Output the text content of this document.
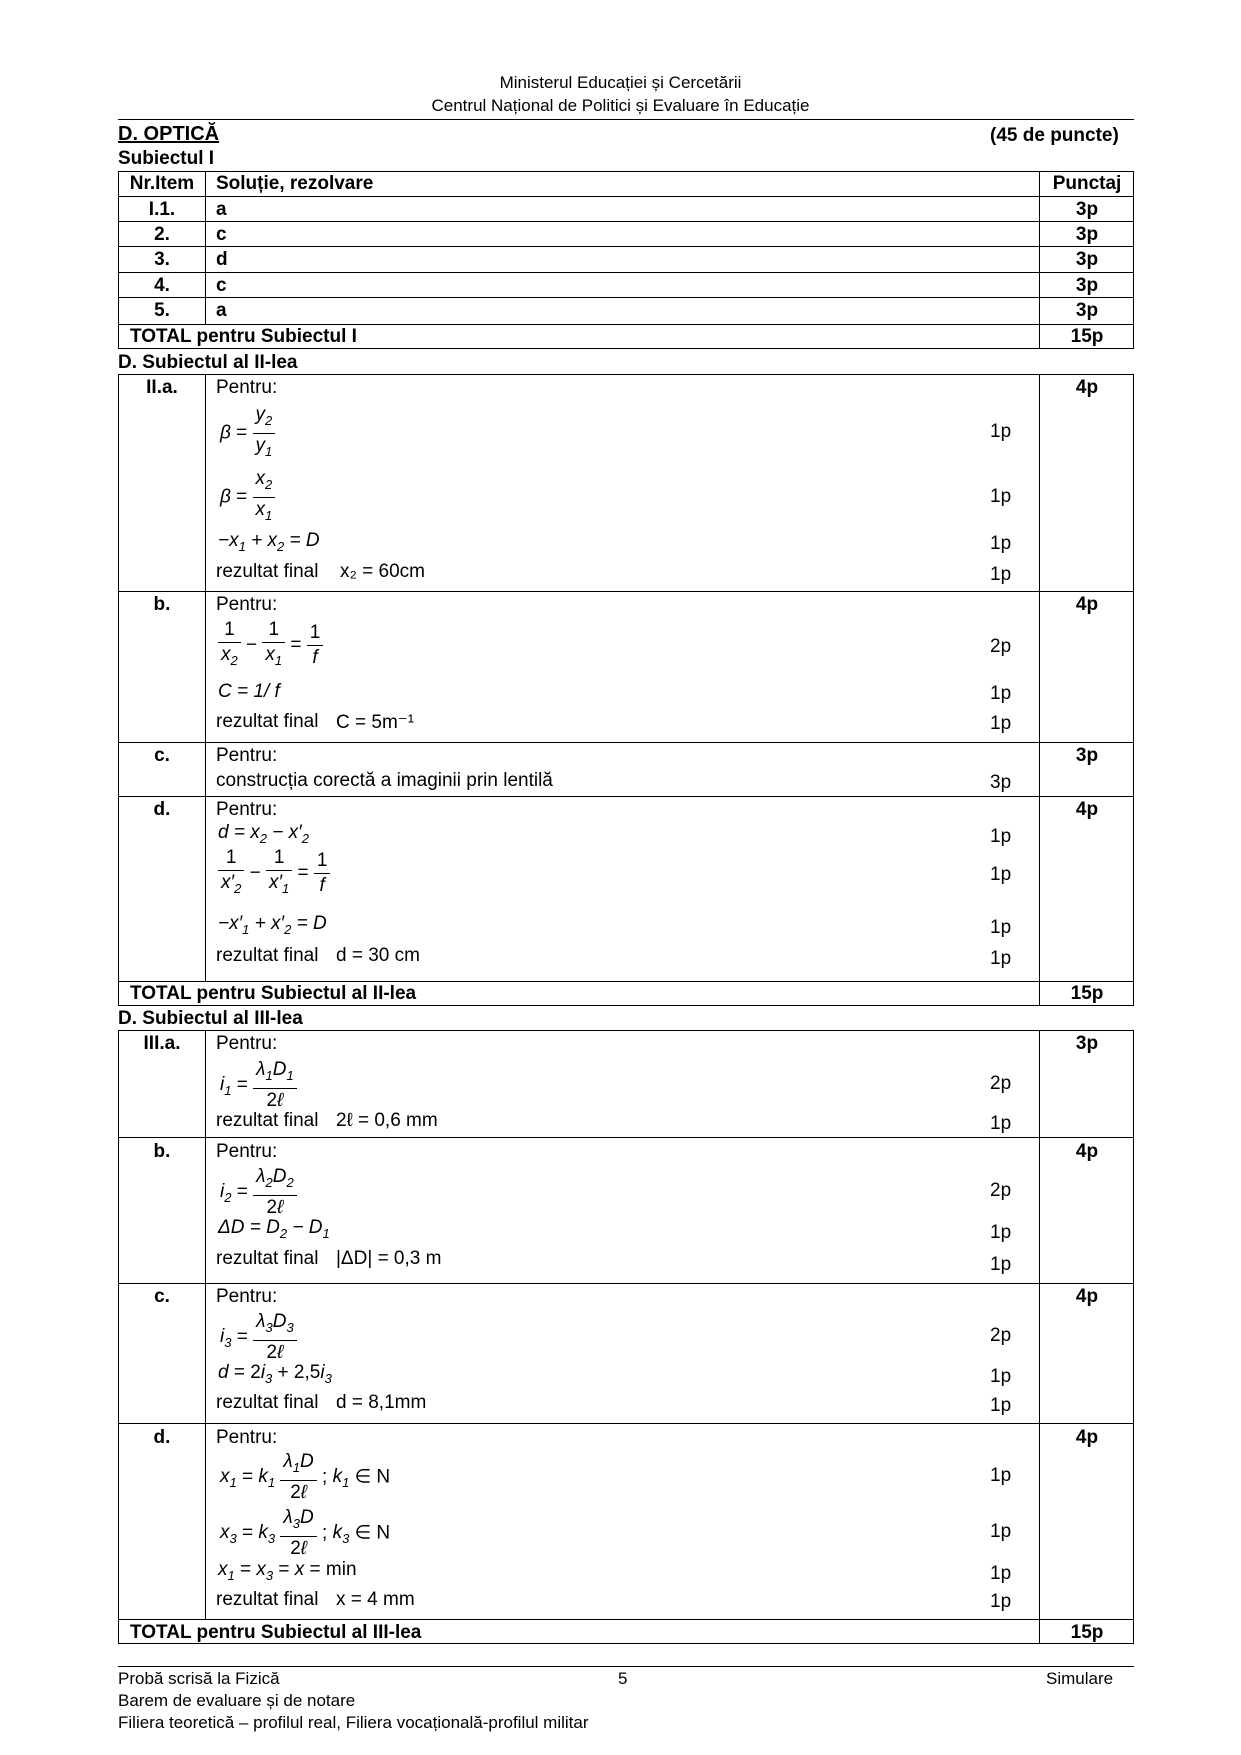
Ministerul Educației și Cercetării
Centrul Național de Politici și Evaluare în Educație
D. OPTICĂ	(45 de puncte)
Subiectul I
Nr.Item	Soluție, rezolvare	Punctaj
I.1.	a	3p
2.	c	3p
3.	d	3p
4.	c	3p
5.	a	3p
TOTAL pentru Subiectul I	15p
D. Subiectul al II-lea
II.a.	Pentru:	4p
$\beta = \frac{y_2}{y_1}$	1p
$\beta = \frac{x_2}{x_1}$	1p
$-x_1 + x_2 = D$	1p
rezultat final x₂ = 60cm	1p
b.	Pentru:	4p
$\frac{1}{x_2} - \frac{1}{x_1} = \frac{1}{f}$	2p
C = 1/ f	1p
rezultat final C = 5m⁻¹	1p
c.	Pentru:	3p
construcția corectă a imaginii prin lentilă	3p
d.	Pentru:	4p
$d = x_2 - x'_2$	1p
$\frac{1}{x'_2} - \frac{1}{x'_1} = \frac{1}{f}$	1p
$-x'_1 + x'_2 = D$	1p
rezultat final d = 30 cm	1p
TOTAL pentru Subiectul al II-lea	15p
D. Subiectul al III-lea
III.a.	Pentru:	3p
$i_1 = \frac{\lambda_1D_1}{\text{2ℓ}}$	2p
rezultat final 2ℓ = 0,6 mm	1p
b.	Pentru:	4p
$i_2 = \frac{\lambda_2D_2}{\text{2ℓ}}$	2p
$\Delta D = D_2 - D_1$	1p
rezultat final |ΔD| = 0,3 m	1p
c.	Pentru:	4p
$i_3 = \frac{\lambda_3D_3}{\text{2ℓ}}$	2p
$d = 2i_3 + 2,5i_3$	1p
rezultat final d = 8,1mm	1p
d.	Pentru:	4p
$x_1 = k_1 \frac{\lambda_1D}{\text{2ℓ}}$ ; $k_1$ ∈ N	1p
$x_3 = k_3 \frac{\lambda_3D}{\text{2ℓ}}$ ; $k_3$ ∈ N	1p
$x_1 = x_3 = x = \min$	1p
rezultat final x = 4 mm	1p
TOTAL pentru Subiectul al III-lea	15p
Probă scrisă la Fizică	5	Simulare
Barem de evaluare și de notare
Filiera teoretică – profilul real, Filiera vocațională-profilul militar
